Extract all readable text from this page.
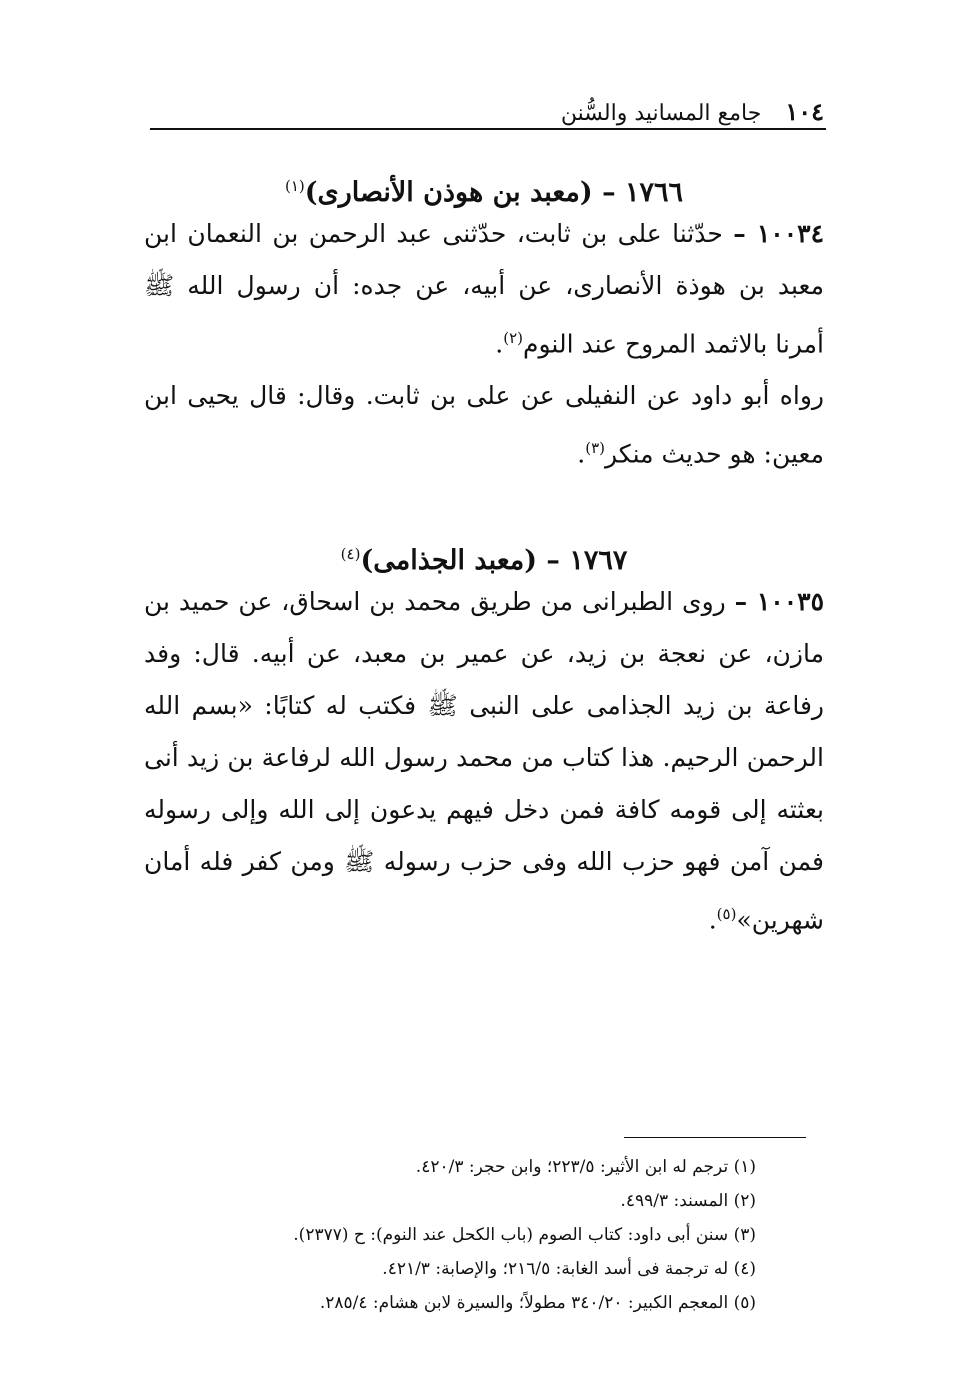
١٠٤
جامع المسانيد والسُّنن
١٧٦٦ – (معبد بن هوذن الأنصارى)$^{(١)}$

١٠٠٣٤ – حدّثنا على بن ثابت، حدّثنى عبد الرحمن بن النعمان ابن معبد بن هوذة الأنصارى، عن أبيه، عن جده: أن رسول الله ﷺ أمرنا بالاثمد المروح عند النوم$^{(٢)}$.

رواه أبو داود عن النفيلى عن على بن ثابت. وقال: قال يحيى ابن معين: هو حديث منكر$^{(٣)}$.

١٧٦٧ – (معبد الجذامى)$^{(٤)}$

١٠٠٣٥ – روى الطبرانى من طريق محمد بن اسحاق، عن حميد بن مازن، عن نعجة بن زيد، عن عمير بن معبد، عن أبيه. قال: وفد رفاعة بن زيد الجذامى على النبى ﷺ فكتب له كتابًا: «بسم الله الرحمن الرحيم. هذا كتاب من محمد رسول الله لرفاعة بن زيد أنى بعثته إلى قومه كافة فمن دخل فيهم يدعون إلى الله وإلى رسوله فمن آمن فهو حزب الله وفى حزب رسوله ﷺ ومن كفر فله أمان شهرين»$^{(٥)}$.

(١) ترجم له ابن الأثير: ٢٢٣/٥؛ وابن حجر: ٤٢٠/٣.

(٢) المسند: ٤٩٩/٣.

(٣) سنن أبى داود: كتاب الصوم (باب الكحل عند النوم): ح (٢٣٧٧).

(٤) له ترجمة فى أسد الغابة: ٢١٦/٥؛ والإصابة: ٤٢١/٣.

(٥) المعجم الكبير: ٣٤٠/٢٠ مطولاً؛ والسيرة لابن هشام: ٢٨٥/٤.
